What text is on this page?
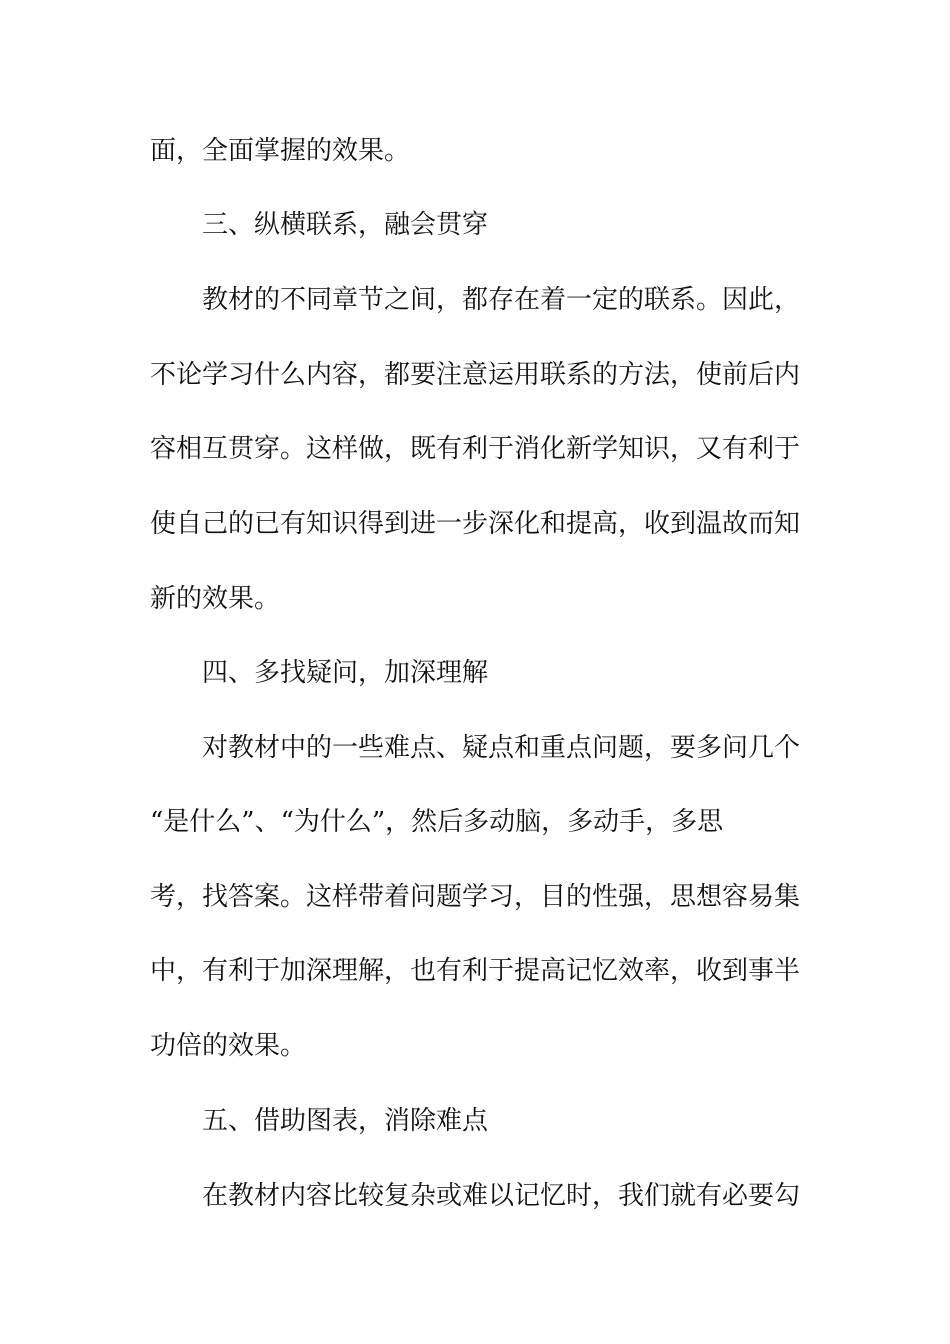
面，全面掌握的效果。
三、纵横联系，融会贯穿
教材的不同章节之间，都存在着一定的联系。因此，
不论学习什么内容，都要注意运用联系的方法，使前后内
容相互贯穿。这样做，既有利于消化新学知识，又有利于
使自己的已有知识得到进一步深化和提高，收到温故而知
新的效果。
四、多找疑问，加深理解
对教材中的一些难点、疑点和重点问题，要多问几个
“是什么”、“为什么”，然后多动脑，多动手，多思
考，找答案。这样带着问题学习，目的性强，思想容易集
中，有利于加深理解，也有利于提高记忆效率，收到事半
功倍的效果。
五、借助图表，消除难点
在教材内容比较复杂或难以记忆时，我们就有必要勾
